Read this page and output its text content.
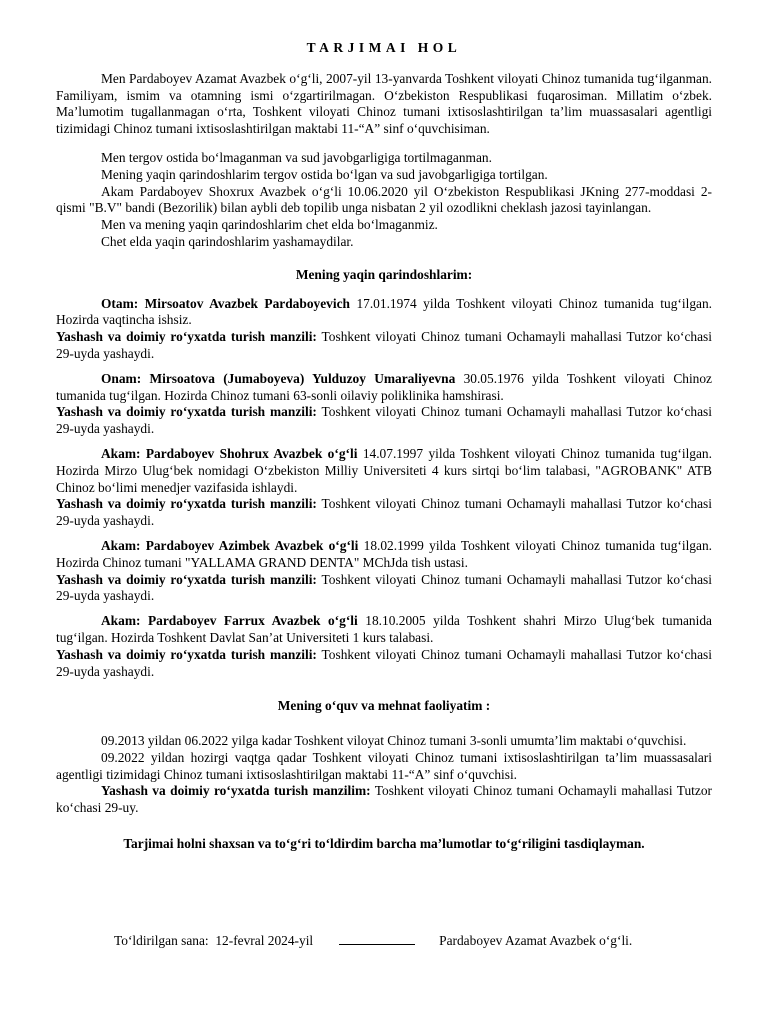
TARJIMAI HOL

Men Pardaboyev Azamat Avazbek o‘g‘li, 2007-yil 13-yanvarda Toshkent viloyati Chinoz tumanida tug‘ilganman. Familiyam, ismim va otamning ismi o‘zgartirilmagan. O‘zbekiston Respublikasi fuqarosiman. Millatim o‘zbek. Ma’lumotim tugallanmagan o‘rta, Toshkent viloyati Chinoz tumani ixtisoslashtirilgan ta’lim muassasalari agentligi tizimidagi Chinoz tumani ixtisoslashtirilgan maktabi 11-“A” sinf o‘quvchisiman.

Men tergov ostida bo‘lmaganman va sud javobgarligiga tortilmaganman.

Mening yaqin qarindoshlarim tergov ostida bo‘lgan va sud javobgarligiga tortilgan.

Akam Pardaboyev Shoxrux Avazbek o‘g‘li 10.06.2020 yil O‘zbekiston Respublikasi JKning 277-moddasi 2-qismi "B.V" bandi (Bezorilik) bilan aybli deb topilib unga nisbatan 2 yil ozodlikni cheklash jazosi tayinlangan.

Men va mening yaqin qarindoshlarim chet elda bo‘lmaganmiz.

Chet elda yaqin qarindoshlarim yashamaydilar.

Mening yaqin qarindoshlarim:

Otam: Mirsoatov Avazbek Pardaboyevich 17.01.1974 yilda Toshkent viloyati Chinoz tumanida tug‘ilgan. Hozirda vaqtincha ishsiz.

Yashash va doimiy ro‘yxatda turish manzili: Toshkent viloyati Chinoz tumani Ochamayli mahallasi Tutzor ko‘chasi 29-uyda yashaydi.

Onam: Mirsoatova (Jumaboyeva) Yulduzoy Umaraliyevna 30.05.1976 yilda Toshkent viloyati Chinoz tumanida tug‘ilgan. Hozirda Chinoz tumani 63-sonli oilaviy poliklinika hamshirasi.

Yashash va doimiy ro‘yxatda turish manzili: Toshkent viloyati Chinoz tumani Ochamayli mahallasi Tutzor ko‘chasi 29-uyda yashaydi.

Akam: Pardaboyev Shohrux Avazbek o‘g‘li 14.07.1997 yilda Toshkent viloyati Chinoz tumanida tug‘ilgan. Hozirda Mirzo Ulug‘bek nomidagi O‘zbekiston Milliy Universiteti 4 kurs sirtqi bo‘lim talabasi, "AGROBANK" ATB Chinoz bo‘limi menedjer vazifasida ishlaydi.

Yashash va doimiy ro‘yxatda turish manzili: Toshkent viloyati Chinoz tumani Ochamayli mahallasi Tutzor ko‘chasi 29-uyda yashaydi.

Akam: Pardaboyev Azimbek Avazbek o‘g‘li 18.02.1999 yilda Toshkent viloyati Chinoz tumanida tug‘ilgan. Hozirda Chinoz tumani "YALLAMA GRAND DENTA" MChJda tish ustasi.

Yashash va doimiy ro‘yxatda turish manzili: Toshkent viloyati Chinoz tumani Ochamayli mahallasi Tutzor ko‘chasi 29-uyda yashaydi.

Akam: Pardaboyev Farrux Avazbek o‘g‘li 18.10.2005 yilda Toshkent shahri Mirzo Ulug‘bek tumanida tug‘ilgan. Hozirda Toshkent Davlat San’at Universiteti 1 kurs talabasi.

Yashash va doimiy ro‘yxatda turish manzili: Toshkent viloyati Chinoz tumani Ochamayli mahallasi Tutzor ko‘chasi 29-uyda yashaydi.

Mening o‘quv va mehnat faoliyatim :

09.2013 yildan 06.2022 yilga kadar Toshkent viloyat Chinoz tumani 3-sonli umumta’lim maktabi o‘quvchisi.

09.2022 yildan hozirgi vaqtga qadar Toshkent viloyati Chinoz tumani ixtisoslashtirilgan ta’lim muassasalari agentligi tizimidagi Chinoz tumani ixtisoslashtirilgan maktabi 11-“A” sinf o‘quvchisi.

Yashash va doimiy ro‘yxatda turish manzilim: Toshkent viloyati Chinoz tumani Ochamayli mahallasi Tutzor ko‘chasi 29-uy.

Tarjimai holni shaxsan va to‘g‘ri to‘ldirdim barcha ma’lumotlar to‘g‘riligini tasdiqlayman.
To‘ldirilgan sana: 12-fevral 2024-yil	Pardaboyev Azamat Avazbek o‘g‘li.
